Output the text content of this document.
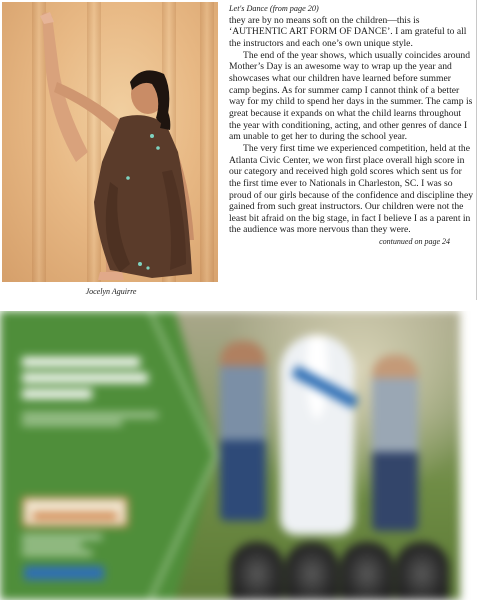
Jocelyn Aguirre

Let's Dance (from page 20)

they are by no means soft on the children—this is ‘AUTHENTIC ART FORM OF DANCE’. I am grateful to all the instructors and each one’s own unique style.

The end of the year shows, which usually coincides around Mother’s Day is an awesome way to wrap up the year and showcases what our children have learned before summer camp begins. As for summer camp I cannot think of a better way for my child to spend her days in the summer. The camp is great because it expands on what the child learns throughout the year with conditioning, acting, and other genres of dance I am unable to get her to during the school year.

The very first time we experienced competition, held at the Atlanta Civic Center, we won first place overall high score in our category and received high gold scores which sent us for the first time ever to Nationals in Charleston, SC. I was so proud of our girls because of the confidence and discipline they gained from such great instructors. Our children were not the least bit afraid on the big stage, in fact I believe I as a parent in the audience was more nervous than they were.

contunued on page 24
